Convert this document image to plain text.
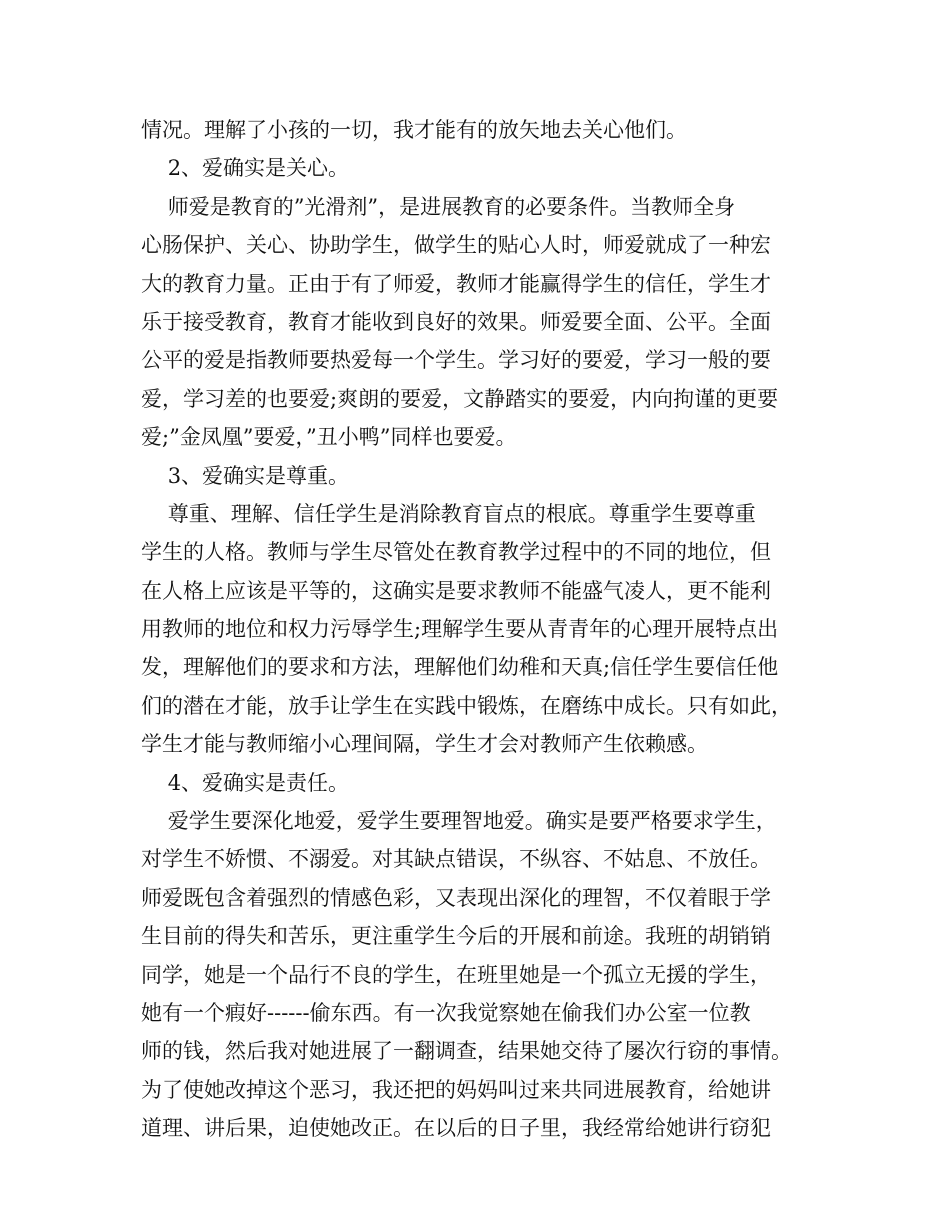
情况。理解了小孩的一切，我才能有的放矢地去关心他们。
2、爱确实是关心。
师爱是教育的”光滑剂”，是进展教育的必要条件。当教师全身
心肠保护、关心、协助学生，做学生的贴心人时，师爱就成了一种宏
大的教育力量。正由于有了师爱，教师才能赢得学生的信任，学生才
乐于接受教育，教育才能收到良好的效果。师爱要全面、公平。全面
公平的爱是指教师要热爱每一个学生。学习好的要爱，学习一般的要
爱，学习差的也要爱;爽朗的要爱，文静踏实的要爱，内向拘谨的更要
爱;”金凤凰”要爱，”丑小鸭”同样也要爱。
3、爱确实是尊重。
尊重、理解、信任学生是消除教育盲点的根底。尊重学生要尊重
学生的人格。教师与学生尽管处在教育教学过程中的不同的地位，但
在人格上应该是平等的，这确实是要求教师不能盛气凌人，更不能利
用教师的地位和权力污辱学生;理解学生要从青青年的心理开展特点出
发，理解他们的要求和方法，理解他们幼稚和天真;信任学生要信任他
们的潜在才能，放手让学生在实践中锻炼，在磨练中成长。只有如此，
学生才能与教师缩小心理间隔，学生才会对教师产生依赖感。
4、爱确实是责任。
爱学生要深化地爱，爱学生要理智地爱。确实是要严格要求学生，
对学生不娇惯、不溺爱。对其缺点错误，不纵容、不姑息、不放任。
师爱既包含着强烈的情感色彩，又表现出深化的理智，不仅着眼于学
生目前的得失和苦乐，更注重学生今后的开展和前途。我班的胡销销
同学，她是一个品行不良的学生，在班里她是一个孤立无援的学生，
她有一个瘕好------偷东西。有一次我觉察她在偷我们办公室一位教
师的钱，然后我对她进展了一翻调查，结果她交待了屡次行窃的事情。
为了使她改掉这个恶习，我还把的妈妈叫过来共同进展教育，给她讲
道理、讲后果，迫使她改正。在以后的日子里，我经常给她讲行窃犯
